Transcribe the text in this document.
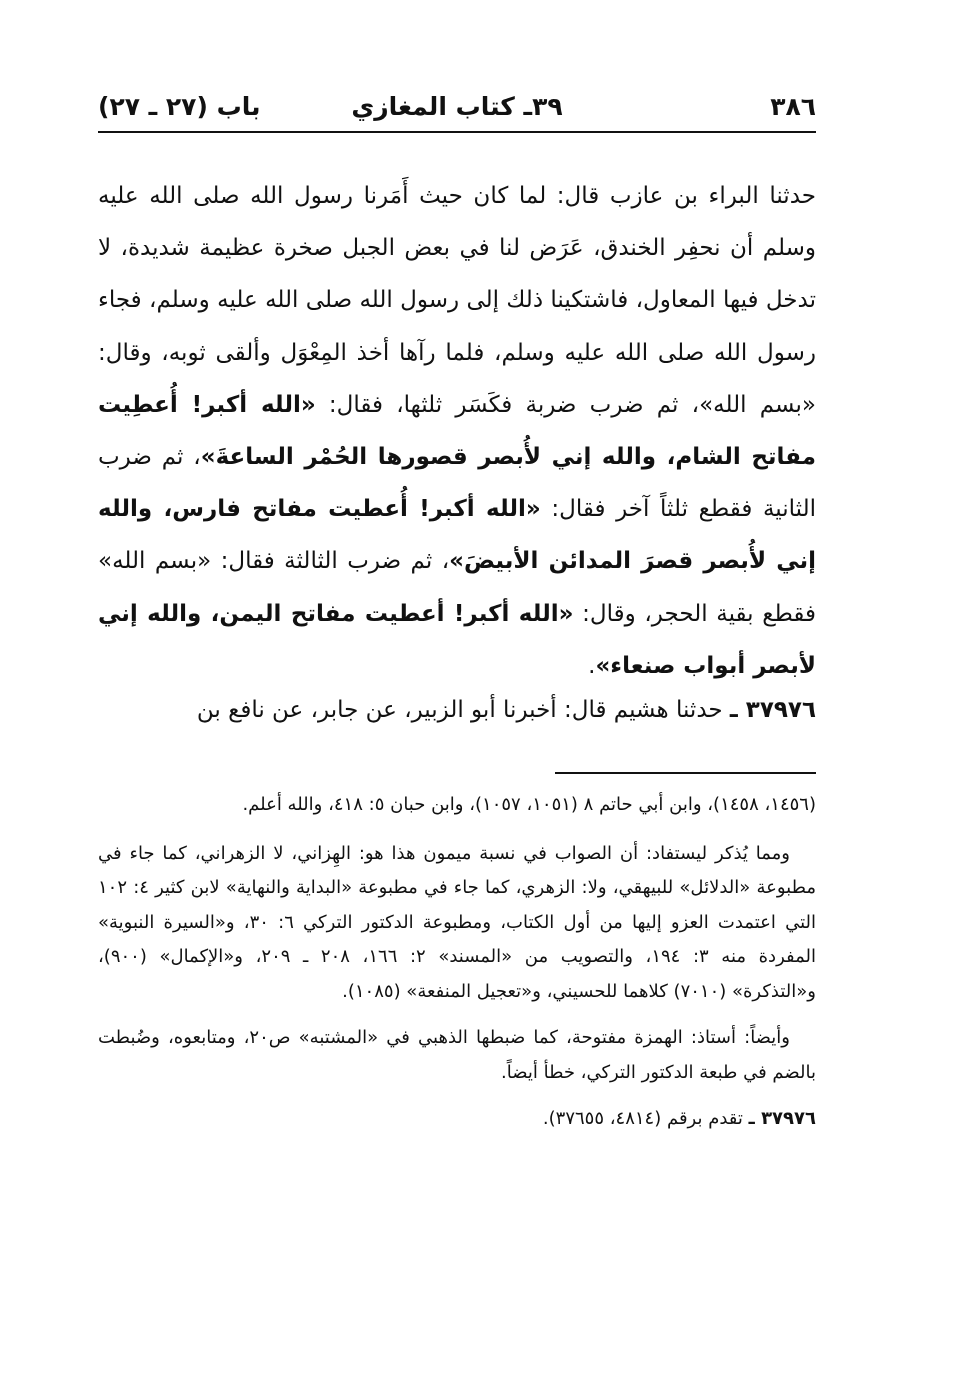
٣٨٦
٣٩ـ كتاب المغازي
باب (٢٧ ـ ٢٧)
حدثنا البراء بن عازب قال: لما كان حيث أَمَرنا رسول الله صلى الله عليه وسلم أن نحفِر الخندق، عَرَض لنا في بعض الجبل صخرة عظيمة شديدة، لا تدخل فيها المعاول، فاشتكينا ذلك إلى رسول الله صلى الله عليه وسلم، فجاء رسول الله صلى الله عليه وسلم، فلما رآها أخذ المِعْوَل وألقى ثوبه، وقال: «بسم الله»، ثم ضرب ضربة فكَسَر ثلثها، فقال: «الله أكبر! أُعطِيت مفاتح الشام، والله إني لأُبصر قصورها الحُمْر الساعةَ»، ثم ضرب الثانية فقطع ثلثاً آخر فقال: «الله أكبر! أُعطيت مفاتح فارس، والله إني لأُبصر قصرَ المدائن الأبيضَ»، ثم ضرب الثالثة فقال: «بسم الله» فقطع بقية الحجر، وقال: «الله أكبر! أعطيت مفاتح اليمن، والله إني لأبصر أبواب صنعاء».
٣٧٩٧٦ ـ حدثنا هشيم قال: أخبرنا أبو الزبير، عن جابر، عن نافع بن

(١٤٥٦، ١٤٥٨)، وابن أبي حاتم ٨ (١٠٥١، ١٠٥٧)، وابن حبان ٥: ٤١٨، والله أعلم.

ومما يُذكر ليستفاد: أن الصواب في نسبة ميمون هذا هو: الهِزاني، لا الزهراني، كما جاء في مطبوعة «الدلائل» للبيهقي، ولا: الزهري، كما جاء في مطبوعة «البداية والنهاية» لابن كثير ٤: ١٠٢ التي اعتمدت العزو إليها من أول الكتاب، ومطبوعة الدكتور التركي ٦: ٣٠، و«السيرة النبوية» المفردة منه ٣: ١٩٤، والتصويب من «المسند» ٢: ١٦٦، ٢٠٨ ـ ٢٠٩، و«الإكمال» (٩٠٠)، و«التذكرة» (٧٠١٠) كلاهما للحسيني، و«تعجيل المنفعة» (١٠٨٥).

وأيضاً: أستاذ: الهمزة مفتوحة، كما ضبطها الذهبي في «المشتبه» ص٢٠، ومتابعوه، وضُبطت بالضم في طبعة الدكتور التركي، خطأ أيضاً.

٣٧٩٧٦ ـ تقدم برقم (٤٨١٤، ٣٧٦٥٥).
